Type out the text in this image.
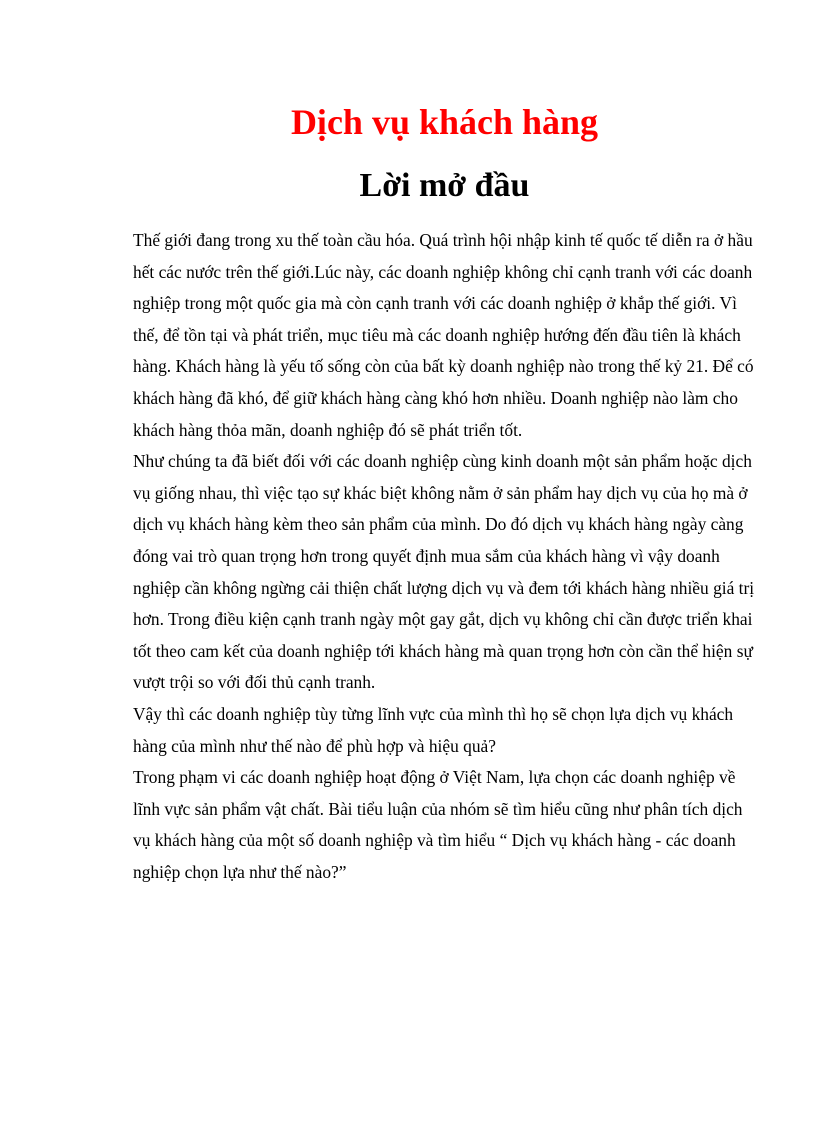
Dịch vụ khách hàng
Lời mở đầu

Thế giới đang trong xu thế toàn cầu hóa. Quá trình hội nhập kinh tế quốc tế diễn ra ở hầu hết các nước trên thế giới.Lúc này, các doanh nghiệp không chỉ cạnh tranh với các doanh nghiệp trong một quốc gia mà còn cạnh tranh với các doanh nghiệp ở khắp thế giới. Vì thế, để tồn tại và phát triển, mục tiêu mà các doanh nghiệp hướng đến đầu tiên là khách hàng. Khách hàng là yếu tố sống còn của bất kỳ doanh nghiệp nào trong thế kỷ 21. Để có khách hàng đã khó, để giữ khách hàng càng khó hơn nhiều. Doanh nghiệp nào làm cho khách hàng thỏa mãn, doanh nghiệp đó sẽ phát triển tốt.

Như chúng ta đã biết đối với các doanh nghiệp cùng kinh doanh một sản phẩm hoặc dịch vụ giống nhau, thì việc tạo sự khác biệt không nằm ở sản phẩm hay dịch vụ của họ mà ở dịch vụ khách hàng kèm theo sản phẩm của mình. Do đó dịch vụ khách hàng ngày càng đóng vai trò quan trọng hơn trong quyết định mua sắm của khách hàng vì vậy doanh nghiệp cần không ngừng cải thiện chất lượng dịch vụ và đem tới khách hàng nhiều giá trị hơn. Trong điều kiện cạnh tranh ngày một gay gắt, dịch vụ không chỉ cần được triển khai tốt theo cam kết của doanh nghiệp tới khách hàng mà quan trọng hơn còn cần thể hiện sự vượt trội so với đối thủ cạnh tranh.

Vậy thì các doanh nghiệp tùy từng lĩnh vực của mình thì họ sẽ chọn lựa dịch vụ khách hàng của mình như thế nào để phù hợp và hiệu quả?

Trong phạm vi các doanh nghiệp hoạt động ở Việt Nam, lựa chọn các doanh nghiệp về lĩnh vực sản phẩm vật chất. Bài tiểu luận của nhóm sẽ tìm hiểu cũng như phân tích dịch vụ khách hàng của một số doanh nghiệp và tìm hiểu “ Dịch vụ khách hàng - các doanh nghiệp chọn lựa như thế nào?”
